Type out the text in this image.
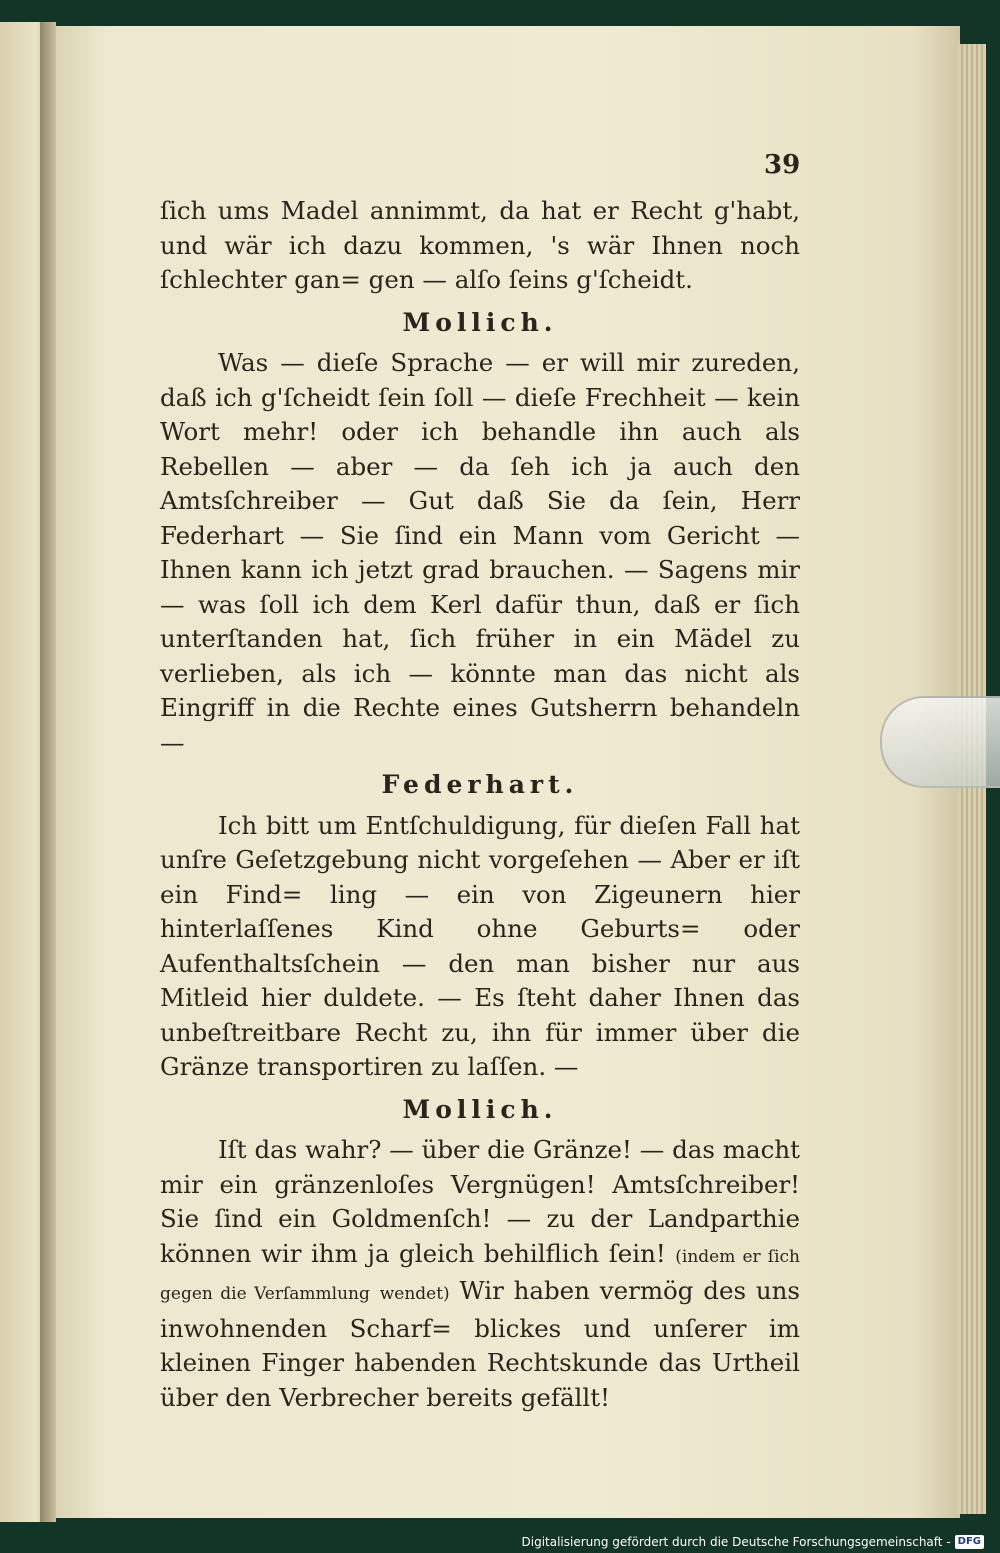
39

ſich ums Madel annimmt, da hat er Recht g'habt, und wär ich dazu kommen, 's wär Ihnen noch ſchlechter gan= gen — alſo ſeins g'ſcheidt.

Mollich.

Was — dieſe Sprache — er will mir zureden, daß ich g'ſcheidt ſein ſoll — dieſe Frechheit — kein Wort mehr! oder ich behandle ihn auch als Rebellen — aber — da ſeh ich ja auch den Amtsſchreiber — Gut daß Sie da ſein, Herr Federhart — Sie ſind ein Mann vom Gericht — Ihnen kann ich jetzt grad brauchen. — Sagens mir — was ſoll ich dem Kerl dafür thun, daß er ſich unterſtanden hat, ſich früher in ein Mädel zu verlieben, als ich — könnte man das nicht als Eingriff in die Rechte eines Gutsherrn behandeln —

Federhart.

Ich bitt um Entſchuldigung, für dieſen Fall hat unſre Geſetzgebung nicht vorgeſehen — Aber er iſt ein Find= ling — ein von Zigeunern hier hinterlaſſenes Kind ohne Geburts= oder Aufenthaltsſchein — den man bisher nur aus Mitleid hier duldete. — Es ſteht daher Ihnen das unbeſtreitbare Recht zu, ihn für immer über die Gränze transportiren zu laſſen. —

Mollich.

Iſt das wahr? — über die Gränze! — das macht mir ein gränzenloſes Vergnügen! Amtsſchreiber! Sie ſind ein Goldmenſch! — zu der Landparthie können wir ihm ja gleich behilflich ſein! (indem er ſich gegen die Verſammlung wendet) Wir haben vermög des uns inwohnenden Scharf= blickes und unſerer im kleinen Finger habenden Rechtskunde das Urtheil über den Verbrecher bereits gefällt!

Digitalisierung gefördert durch die Deutsche Forschungsgemeinschaft - DFG
